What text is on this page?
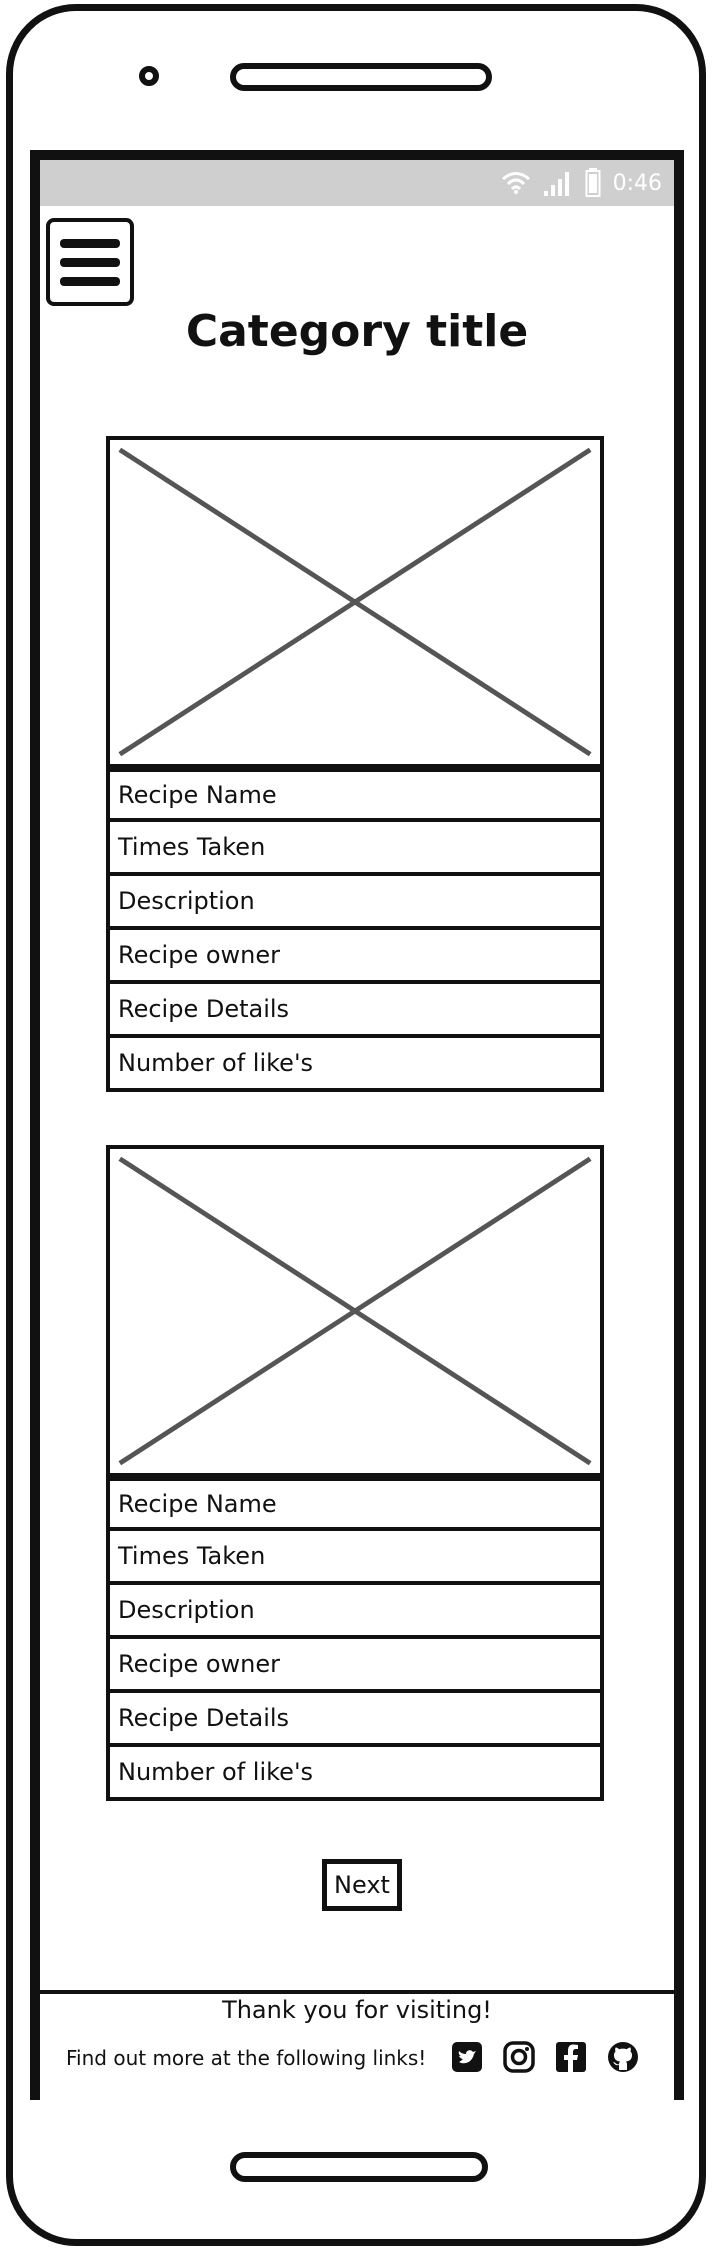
0:46
Category title
Recipe Name
Times Taken
Description
Recipe owner
Recipe Details
Number of like's
Recipe Name
Times Taken
Description
Recipe owner
Recipe Details
Number of like's
Next
Thank you for visiting!
Find out more at the following links!
